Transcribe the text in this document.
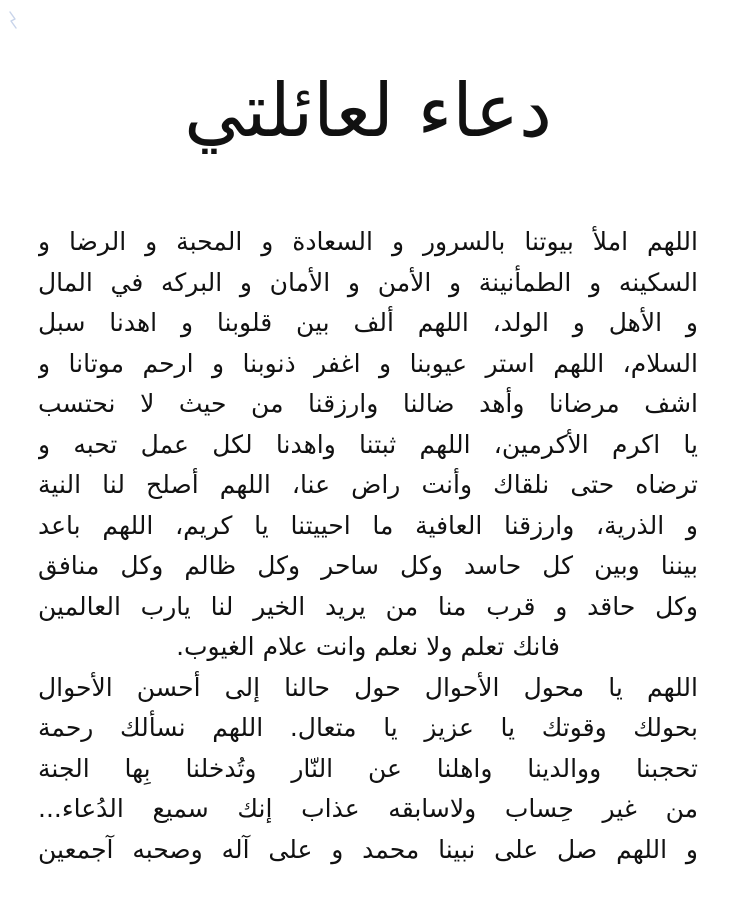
دعاء لعائلتي
اللهم املأ بيوتنا بالسرور و السعادة و المحبة و الرضا و
السكينه و الطمأنينة و الأمن و الأمان و البركه في المال
و الأهل و الولد، اللهم ألف بين قلوبنا و اهدنا سبل
السلام، اللهم استر عيوبنا و اغفر ذنوبنا و ارحم موتانا و
اشف مرضانا وأهد ضالنا وارزقنا من حيث لا نحتسب
يا اكرم الأكرمين، اللهم ثبتنا واهدنا لكل عمل تحبه و
ترضاه حتى نلقاك وأنت راض عنا، اللهم أصلح لنا النية
و الذرية، وارزقنا العافية ما احييتنا يا كريم، اللهم باعد
بيننا وبين كل حاسد وكل ساحر وكل ظالم وكل منافق
وكل حاقد و قرب منا من يريد الخير لنا يارب العالمين
فانك تعلم ولا نعلم وانت علام الغيوب.
اللهم يا محول الأحوال حول حالنا إلى أحسن الأحوال
بحولك وقوتك يا عزيز يا متعال. اللهم نسألك رحمة
تحجبنا ووالدينا واهلنا عن النّار وتُدخلنا بِها الجنة
من غير حِساب ولاسابقه عذاب إنك سميع الدُعاء...
و اللهم صل على نبينا محمد و على آله وصحبه آجمعين
